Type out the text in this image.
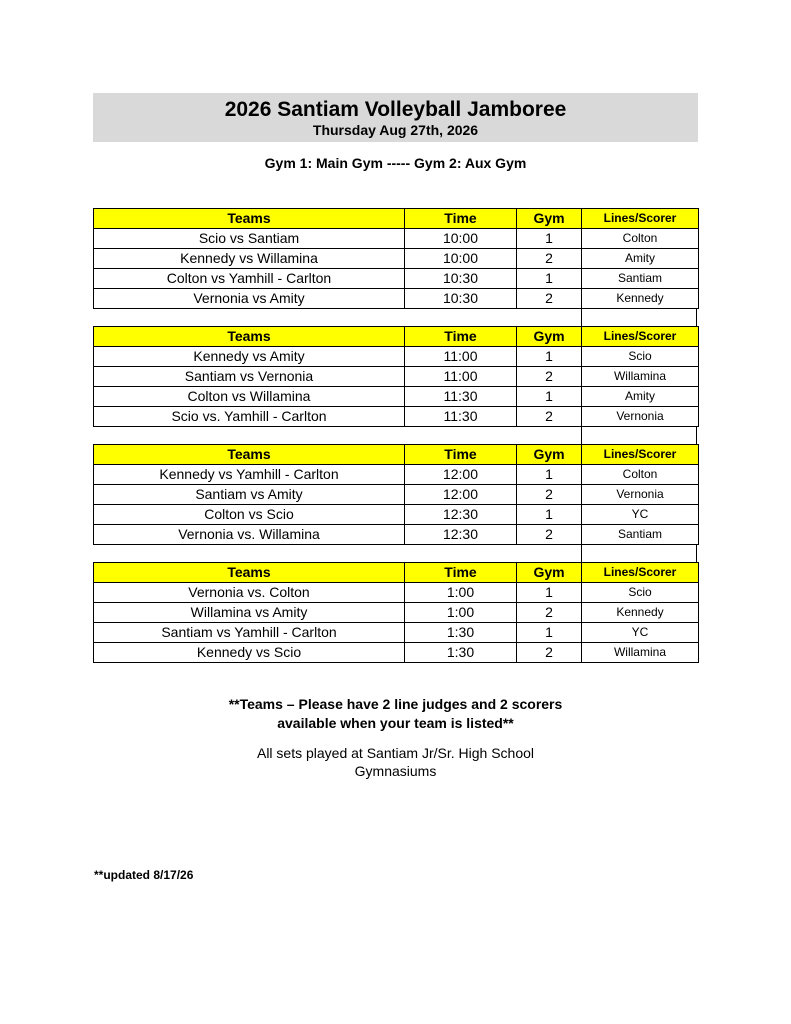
2026 Santiam Volleyball Jamboree
Thursday Aug 27th, 2026
Gym 1: Main Gym ----- Gym 2: Aux Gym
Teams	Time	Gym	Lines/Scorer
Scio vs Santiam	10:00	1	Colton
Kennedy vs Willamina	10:00	2	Amity
Colton vs Yamhill - Carlton	10:30	1	Santiam
Vernonia vs Amity	10:30	2	Kennedy
Teams	Time	Gym	Lines/Scorer
Kennedy vs Amity	11:00	1	Scio
Santiam vs Vernonia	11:00	2	Willamina
Colton vs Willamina	11:30	1	Amity
Scio vs. Yamhill - Carlton	11:30	2	Vernonia
Teams	Time	Gym	Lines/Scorer
Kennedy vs Yamhill - Carlton	12:00	1	Colton
Santiam vs Amity	12:00	2	Vernonia
Colton vs Scio	12:30	1	YC
Vernonia vs. Willamina	12:30	2	Santiam
Teams	Time	Gym	Lines/Scorer
Vernonia vs. Colton	1:00	1	Scio
Willamina vs Amity	1:00	2	Kennedy
Santiam vs Yamhill - Carlton	1:30	1	YC
Kennedy vs Scio	1:30	2	Willamina
**Teams – Please have 2 line judges and 2 scorers
available when your team is listed**
All sets played at Santiam Jr/Sr. High School
Gymnasiums
**updated 8/17/26
